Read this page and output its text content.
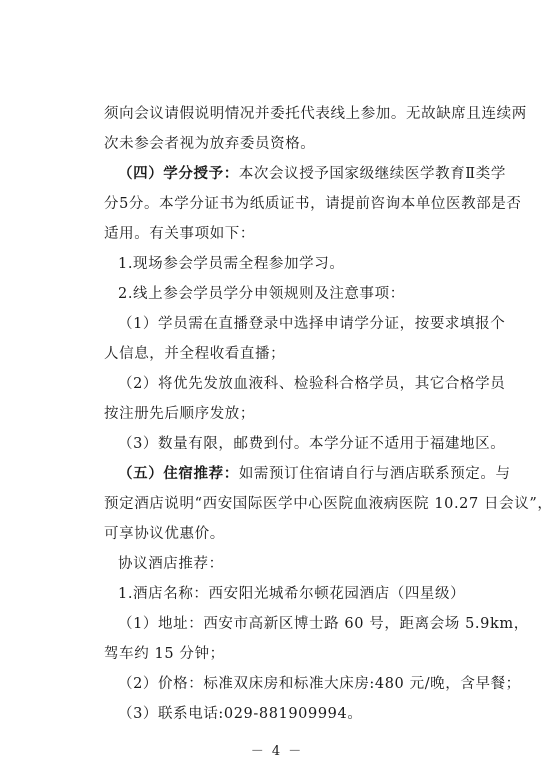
须向会议请假说明情况并委托代表线上参加。无故缺席且连续两
次未参会者视为放弃委员资格。
（四）学分授予：本次会议授予国家级继续医学教育Ⅱ类学
分5分。本学分证书为纸质证书，请提前咨询本单位医教部是否
适用。有关事项如下：
1.现场参会学员需全程参加学习。
2.线上参会学员学分申领规则及注意事项：
（1）学员需在直播登录中选择申请学分证，按要求填报个
人信息，并全程收看直播；
（2）将优先发放血液科、检验科合格学员，其它合格学员
按注册先后顺序发放；
（3）数量有限，邮费到付。本学分证不适用于福建地区。
（五）住宿推荐：如需预订住宿请自行与酒店联系预定。与
预定酒店说明“西安国际医学中心医院血液病医院 10.27 日会议”，
可享协议优惠价。
协议酒店推荐：
1.酒店名称：西安阳光城希尔顿花园酒店（四星级）
（1）地址：西安市高新区博士路 60 号，距离会场 5.9km，
驾车约 15 分钟；
（2）价格：标准双床房和标准大床房:480 元/晚，含早餐；
（3）联系电话:029-881909994。
－ 4 －
